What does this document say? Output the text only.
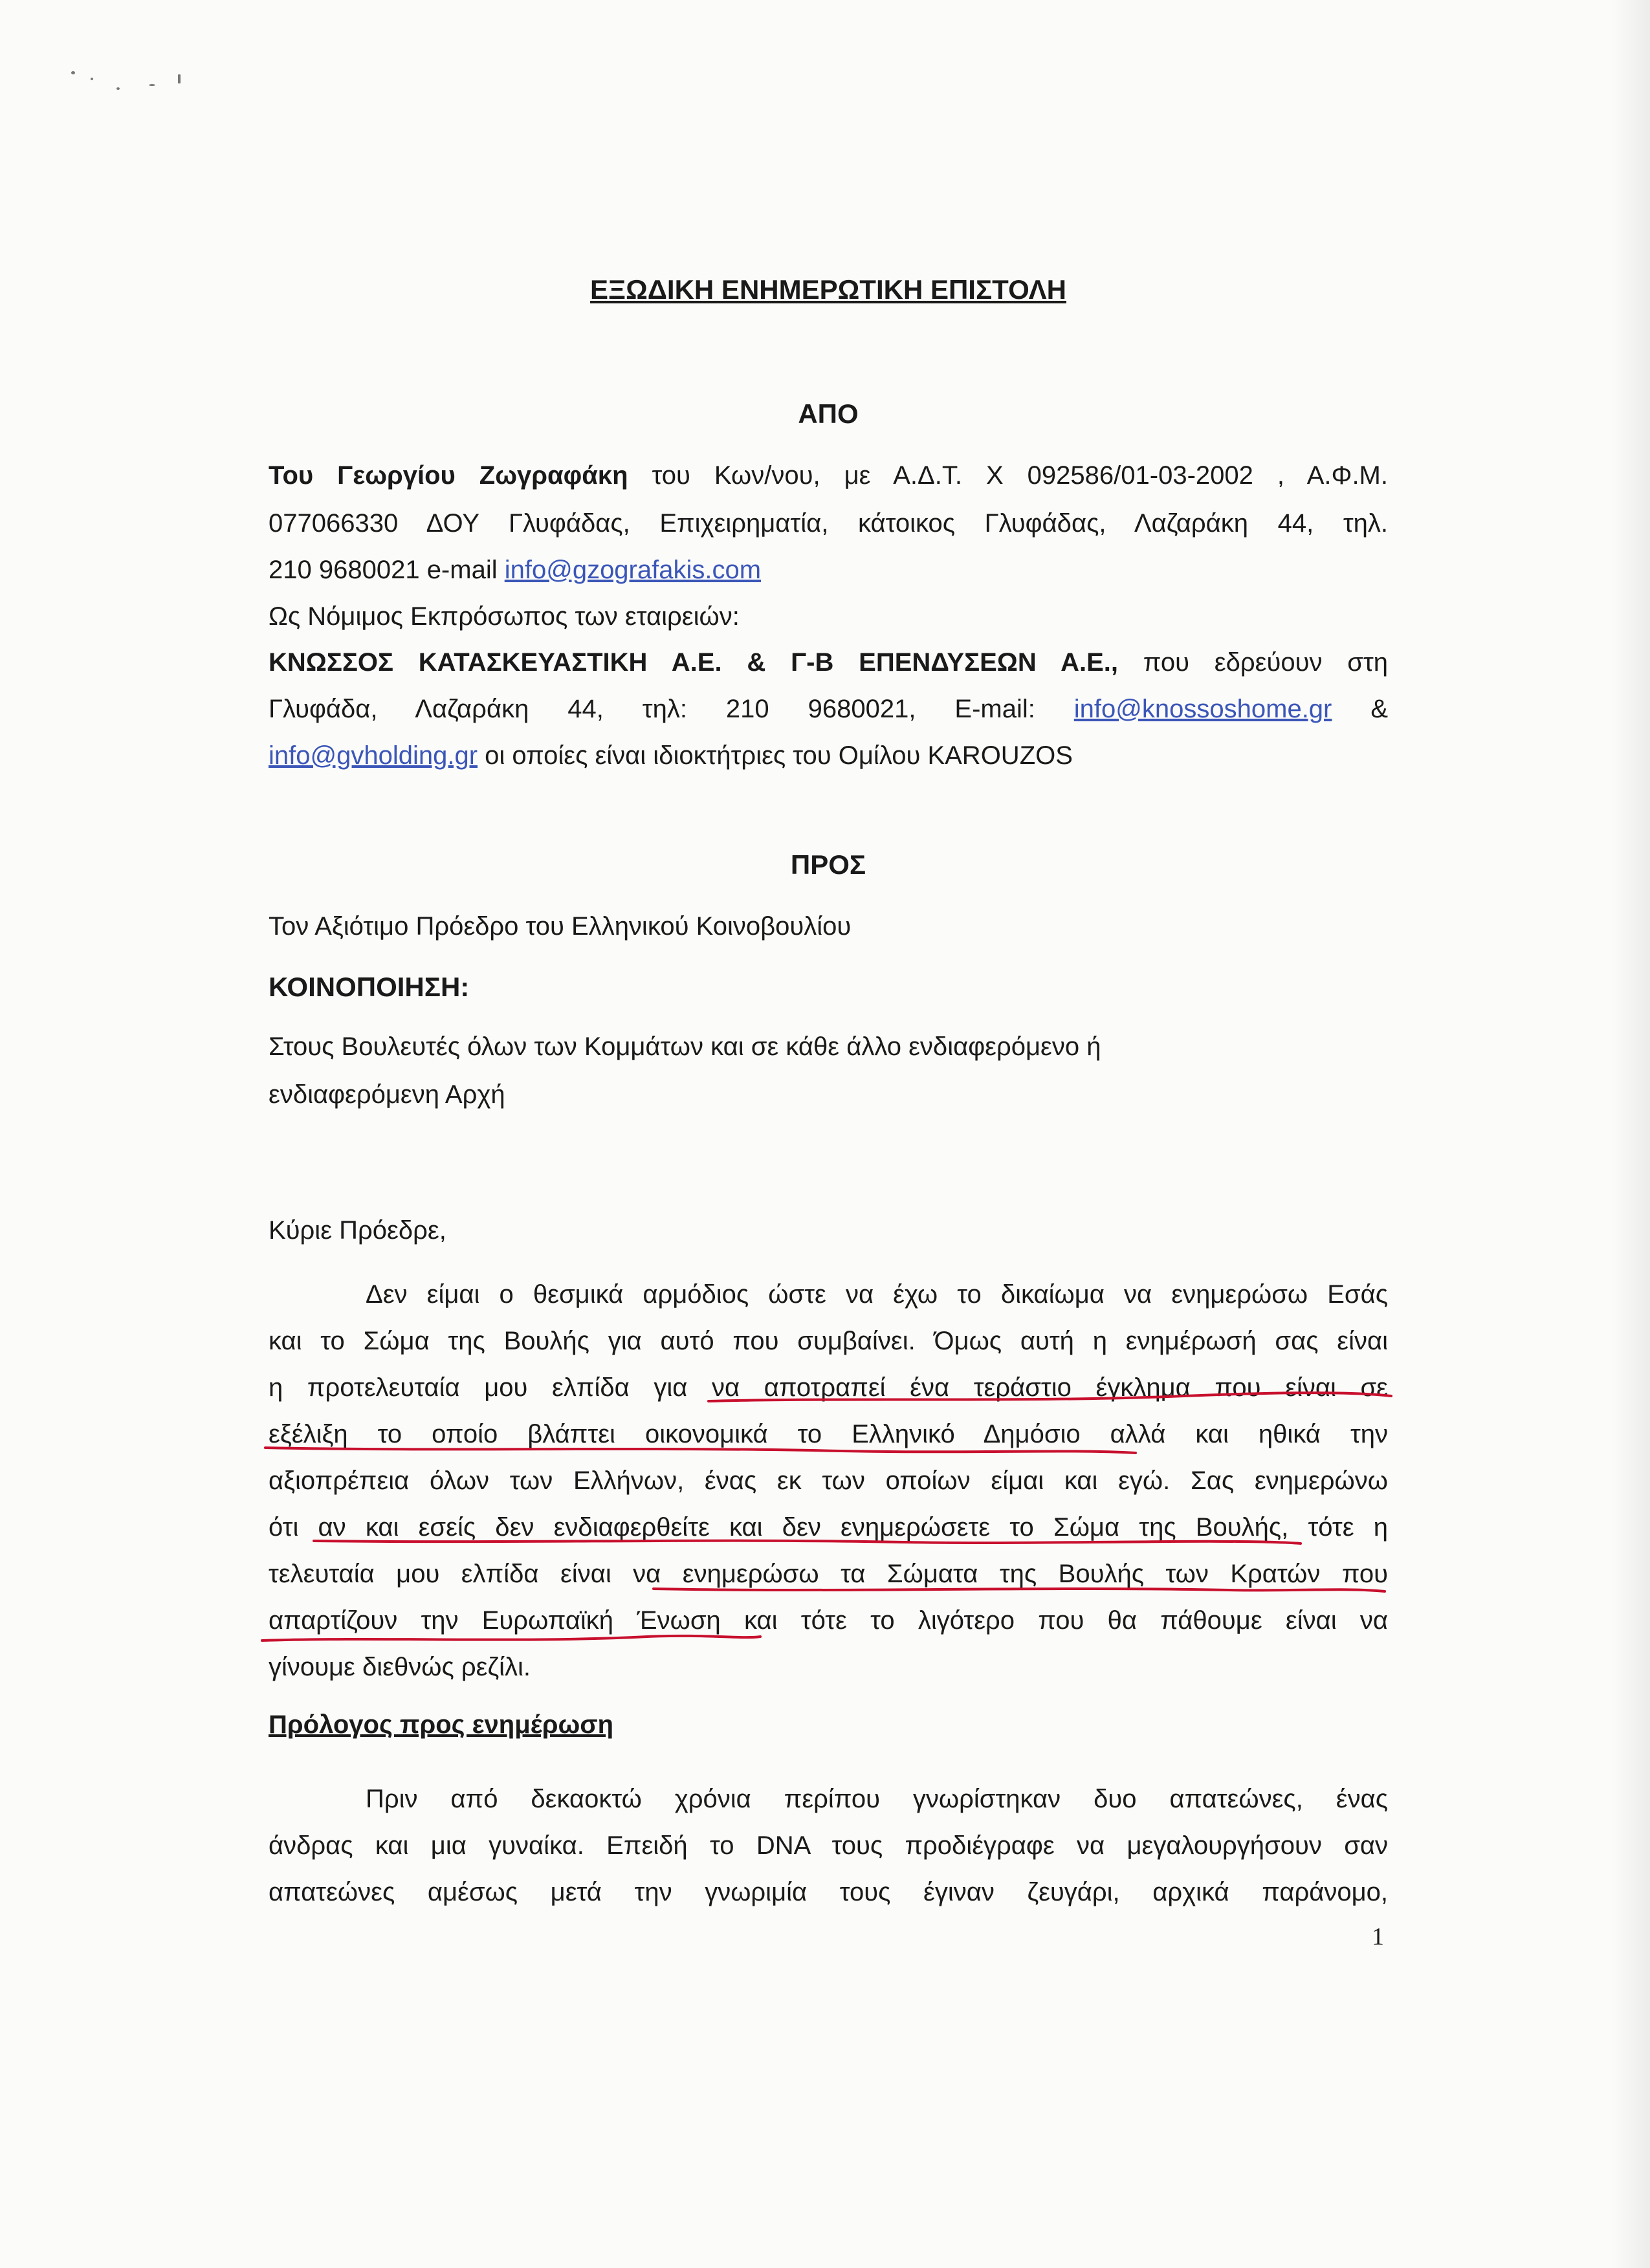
ΕΞΩΔΙΚΗ ΕΝΗΜΕΡΩΤΙΚΗ ΕΠΙΣΤΟΛΗ
ΑΠΟ
Του Γεωργίου Ζωγραφάκη του Κων/νου, με Α.Δ.Τ. Χ 092586/01-03-2002 , Α.Φ.Μ.
077066330 ΔΟΥ Γλυφάδας, Επιχειρηματία, κάτοικος Γλυφάδας, Λαζαράκη 44, τηλ.
210 9680021 e-mail info@gzografakis.com
Ως Νόμιμος Εκπρόσωπος των εταιρειών:
ΚΝΩΣΣΟΣ ΚΑΤΑΣΚΕΥΑΣΤΙΚΗ Α.Ε. & Γ-Β ΕΠΕΝΔΥΣΕΩΝ Α.Ε., που εδρεύουν στη
Γλυφάδα, Λαζαράκη 44, τηλ: 210 9680021, E-mail: info@knossoshome.gr &
info@gvholding.gr οι οποίες είναι ιδιοκτήτριες του Ομίλου KAROUZOS
ΠΡΟΣ
Τον Αξιότιμο Πρόεδρο του Ελληνικού Κοινοβουλίου
ΚΟΙΝΟΠΟΙΗΣΗ:
Στους Βουλευτές όλων των Κομμάτων και σε κάθε άλλο ενδιαφερόμενο ή
ενδιαφερόμενη Αρχή
Κύριε Πρόεδρε,
Δεν είμαι ο θεσμικά αρμόδιος ώστε να έχω το δικαίωμα να ενημερώσω Εσάς
και το Σώμα της Βουλής για αυτό που συμβαίνει. Όμως αυτή η ενημέρωσή σας είναι
η προτελευταία μου ελπίδα για να αποτραπεί ένα τεράστιο έγκλημα που είναι σε
εξέλιξη το οποίο βλάπτει οικονομικά το Ελληνικό Δημόσιο αλλά και ηθικά την
αξιοπρέπεια όλων των Ελλήνων, ένας εκ των οποίων είμαι και εγώ. Σας ενημερώνω
ότι αν και εσείς δεν ενδιαφερθείτε και δεν ενημερώσετε το Σώμα της Βουλής, τότε η
τελευταία μου ελπίδα είναι να ενημερώσω τα Σώματα της Βουλής των Κρατών που
απαρτίζουν την Ευρωπαϊκή Ένωση και τότε το λιγότερο που θα πάθουμε είναι να
γίνουμε διεθνώς ρεζίλι.
Πρόλογος προς ενημέρωση
Πριν από δεκαοκτώ χρόνια περίπου γνωρίστηκαν δυο απατεώνες, ένας
άνδρας και μια γυναίκα. Επειδή το DNA τους προδιέγραφε να μεγαλουργήσουν σαν
απατεώνες αμέσως μετά την γνωριμία τους έγιναν ζευγάρι, αρχικά παράνομο,
1
